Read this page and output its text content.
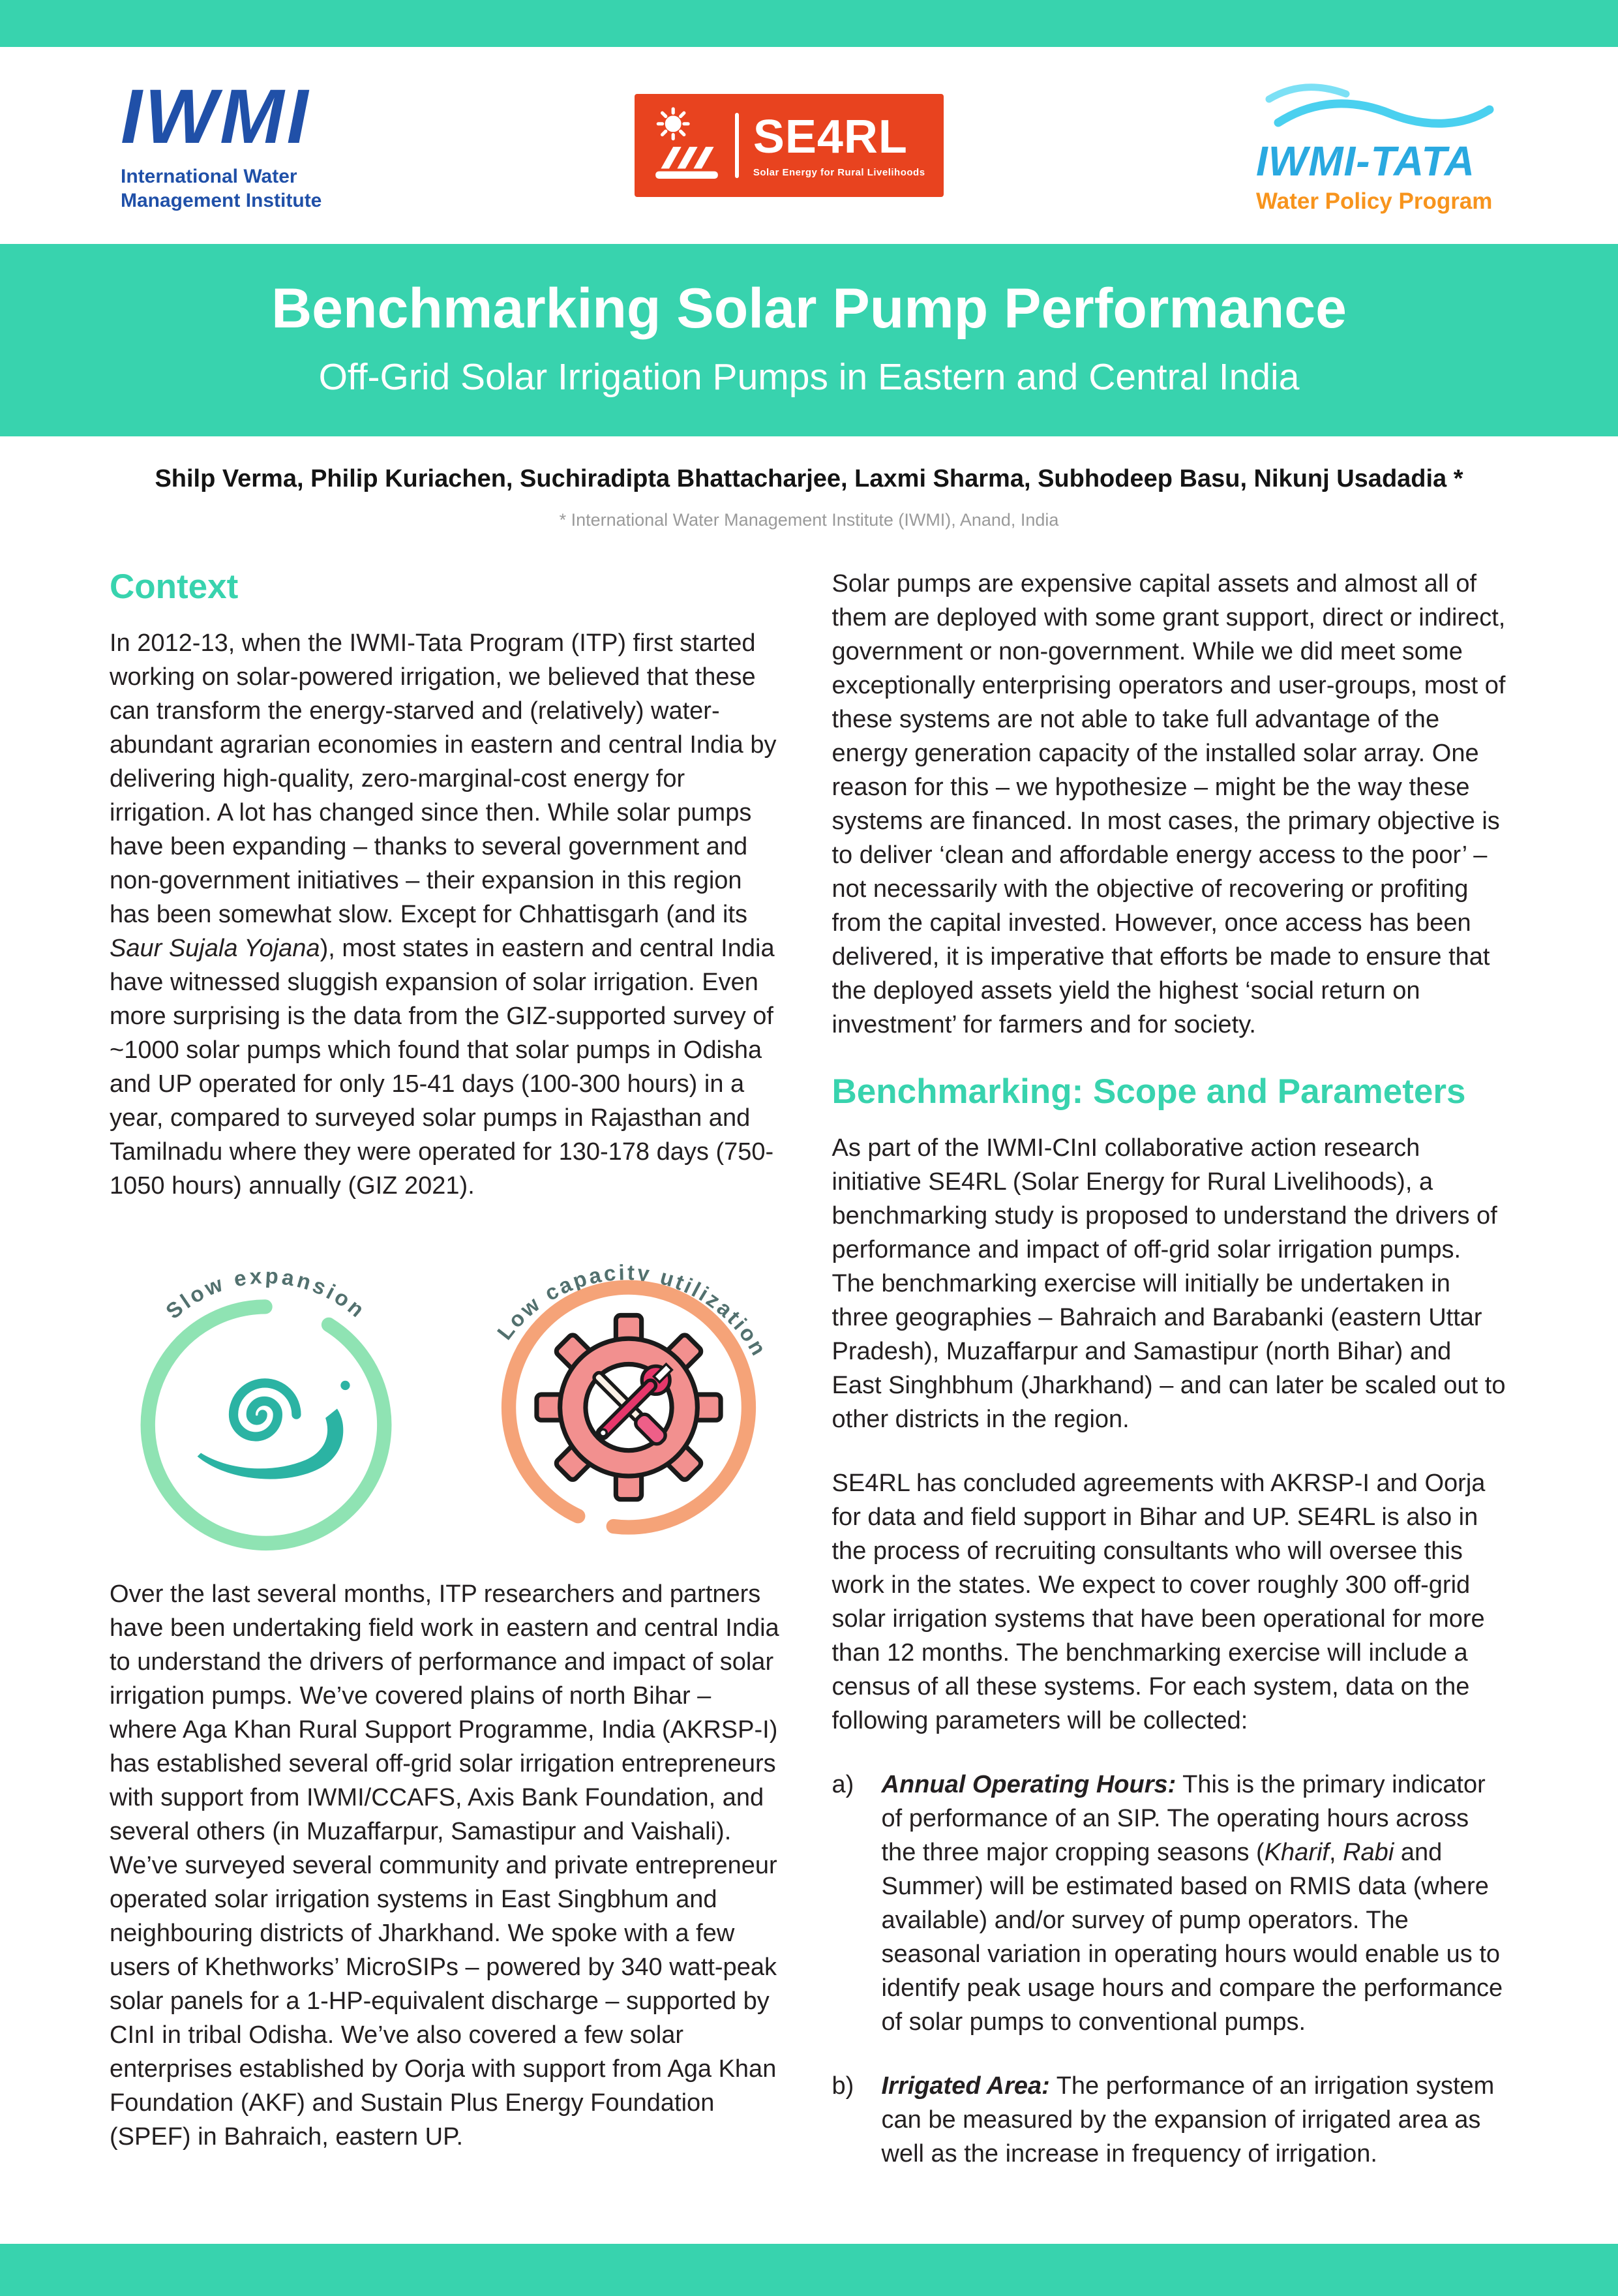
IWMI
International Water
Management Institute
SE4RL
Solar Energy for Rural Livelihoods	IWMI-TATA
Water Policy Program
Benchmarking Solar Pump Performance
Off-Grid Solar Irrigation Pumps in Eastern and Central India
Shilp Verma, Philip Kuriachen, Suchiradipta Bhattacharjee, Laxmi Sharma, Subhodeep Basu, Nikunj Usadadia *
* International Water Management Institute (IWMI), Anand, India
Context

In 2012-13, when the IWMI-Tata Program (ITP) first started working on solar-powered irrigation, we believed that these can transform the energy-starved and (relatively) water-abundant agrarian economies in eastern and central India by delivering high-quality, zero-marginal-cost energy for irrigation. A lot has changed since then. While solar pumps have been expanding – thanks to several government and non-government initiatives – their expansion in this region has been somewhat slow. Except for Chhattisgarh (and its Saur Sujala Yojana), most states in eastern and central India have witnessed sluggish expansion of solar irrigation. Even more surprising is the data from the GIZ-supported survey of ~1000 solar pumps which found that solar pumps in Odisha and UP operated for only 15-41 days (100-300 hours) in a year, compared to surveyed solar pumps in Rajasthan and Tamilnadu where they were operated for 130-178 days (750-1050 hours) annually (GIZ 2021).

Slow expansion
Low capacity utilization

Over the last several months, ITP researchers and partners have been undertaking field work in eastern and central India to understand the drivers of performance and impact of solar irrigation pumps. We’ve covered plains of north Bihar – where Aga Khan Rural Support Programme, India (AKRSP-I) has established several off-grid solar irrigation entrepreneurs with support from IWMI/CCAFS, Axis Bank Foundation, and several others (in Muzaffarpur, Samastipur and Vaishali). We’ve surveyed several community and private entrepreneur operated solar irrigation systems in East Singbhum and neighbouring districts of Jharkhand. We spoke with a few users of Khethworks’ MicroSIPs – powered by 340 watt-peak solar panels for a 1-HP-equivalent discharge – supported by CInI in tribal Odisha. We’ve also covered a few solar enterprises established by Oorja with support from Aga Khan Foundation (AKF) and Sustain Plus Energy Foundation (SPEF) in Bahraich, eastern UP.

Solar pumps are expensive capital assets and almost all of them are deployed with some grant support, direct or indirect, government or non-government. While we did meet some exceptionally enterprising operators and user-groups, most of these systems are not able to take full advantage of the energy generation capacity of the installed solar array. One reason for this – we hypothesize – might be the way these systems are financed. In most cases, the primary objective is to deliver ‘clean and affordable energy access to the poor’ – not necessarily with the objective of recovering or profiting from the capital invested. However, once access has been delivered, it is imperative that efforts be made to ensure that the deployed assets yield the highest ‘social return on investment’ for farmers and for society.

Benchmarking: Scope and Parameters

As part of the IWMI-CInI collaborative action research initiative SE4RL (Solar Energy for Rural Livelihoods), a benchmarking study is proposed to understand the drivers of performance and impact of off-grid solar irrigation pumps. The benchmarking exercise will initially be undertaken in three geographies – Bahraich and Barabanki (eastern Uttar Pradesh), Muzaffarpur and Samastipur (north Bihar) and East Singhbhum (Jharkhand) – and can later be scaled out to other districts in the region.

SE4RL has concluded agreements with AKRSP-I and Oorja for data and field support in Bihar and UP. SE4RL is also in the process of recruiting consultants who will oversee this work in the states. We expect to cover roughly 300 off-grid solar irrigation systems that have been operational for more than 12 months. The benchmarking exercise will include a census of all these systems. For each system, data on the following parameters will be collected:

a)	Annual Operating Hours: This is the primary indicator of performance of an SIP. The operating hours across the three major cropping seasons (Kharif, Rabi and Summer) will be estimated based on RMIS data (where available) and/or survey of pump operators. The seasonal variation in operating hours would enable us to identify peak usage hours and compare the performance of solar pumps to conventional pumps.
b)	Irrigated Area: The performance of an irrigation system can be measured by the expansion of irrigated area as well as the increase in frequency of irrigation.
